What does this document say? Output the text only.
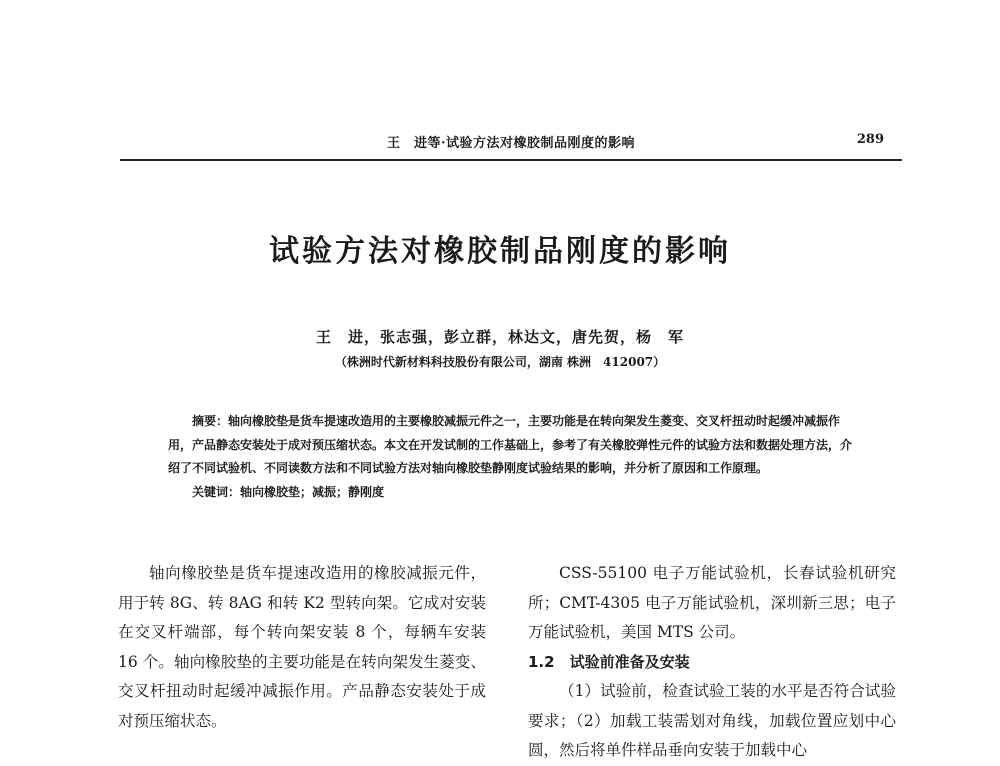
王　进等·试验方法对橡胶制品刚度的影响	289
试验方法对橡胶制品刚度的影响
王　进，张志强，彭立群，林达文，唐先贺，杨　军
（株洲时代新材料科技股份有限公司，湖南 株洲　412007）

摘要：轴向橡胶垫是货车提速改造用的主要橡胶减振元件之一，主要功能是在转向架发生菱变、交叉杆扭动时起缓冲减振作用，产品静态安装处于成对预压缩状态。本文在开发试制的工作基础上，参考了有关橡胶弹性元件的试验方法和数据处理方法，介绍了不同试验机、不同读数方法和不同试验方法对轴向橡胶垫静刚度试验结果的影响，并分析了原因和工作原理。

关键词：轴向橡胶垫；减振；静刚度

轴向橡胶垫是货车提速改造用的橡胶减振元件，用于转 8G、转 8AG 和转 K2 型转向架。它成对安装在交叉杆端部，每个转向架安装 8 个，每辆车安装 16 个。轴向橡胶垫的主要功能是在转向架发生菱变、交叉杆扭动时起缓冲减振作用。产品静态安装处于成对预压缩状态。

CSS-55100 电子万能试验机，长春试验机研究所；CMT-4305 电子万能试验机，深圳新三思；电子万能试验机，美国 MTS 公司。

1.2　试验前准备及安装

（1）试验前，检查试验工装的水平是否符合试验要求；（2）加载工装需划对角线，加载位置应划中心圆，然后将单件样品垂向安装于加载中心
